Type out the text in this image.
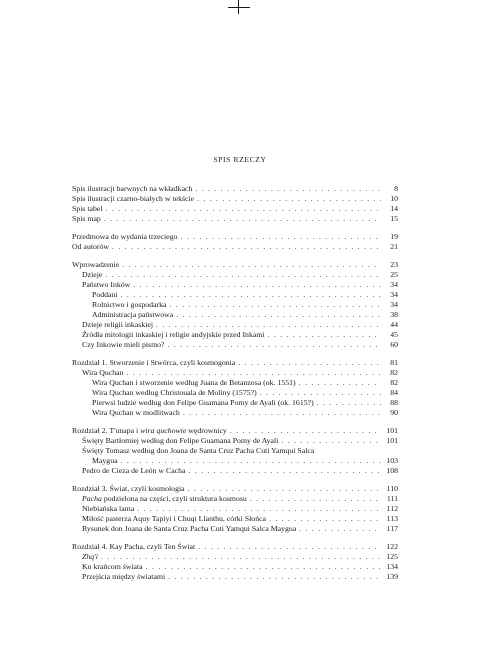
SPIS RZECZY
Spis ilustracji barwnych na wkładkach . . .	8
Spis ilustracji czarno-białych w tekście . . .	10
Spis tabel . . .	14
Spis map . . .	15
Przedmowa do wydania trzeciego . . .	19
Od autorów . . .	21
Wprowadzenie . . .	23
Dzieje . . .	25
Państwo Inków . . .	34
Poddani . . .	34
Rolnictwo i gospodarka . . .	34
Administracja państwowa . . .	38
Dzieje religii inkaskiej . . .	44
Źródła mitologii inkaskiej i religie andyjskie przed Inkami . . .	45
Czy Inkowie mieli pismo? . . .	60
Rozdział 1. Stworzenie i Stwórca, czyli kosmogonia . . .	81
Wira Quchan . . .	82
Wira Quchan i stworzenie według Juana de Betanzosa (ok. 1551) . . .	82
Wira Quchan według Christouala de Moliny (1575?) . . .	84
Pierwsi ludzie według don Felipe Guamana Pomy de Ayali (ok. 1615?) . . .	88
Wira Quchan w modlitwach . . .	90
Rozdział 2. T'unapa i wira quchowie wędrownicy . . .	101
Święty Bartłomiej według don Felipe Guamana Pomy de Ayali . . .	101
Święty Tomasz według don Joana de Santa Cruz Pacha Cuti Yamqui Salca
Maygua . . .	103
Pedro de Cieza de León w Cacha . . .	108
Rozdział 3. Świat, czyli kosmologia . . .	110
Pacha podzielona na części, czyli struktura kosmosu . . .	111
Niebiańska lama . . .	112
Miłość pasterza Aquy Tapiyi i Chuqi Llanthu, córki Słońca . . .	113
Rysunek don Joana de Santa Cruz Pacha Cuti Yamqui Salca Maygua . . .	117
Rozdział 4. Kay Pacha, czyli Ten Świat . . .	122
Zhq'i . . .	125
Ku krańcom świata . . .	134
Przejścia między światami . . .	139
